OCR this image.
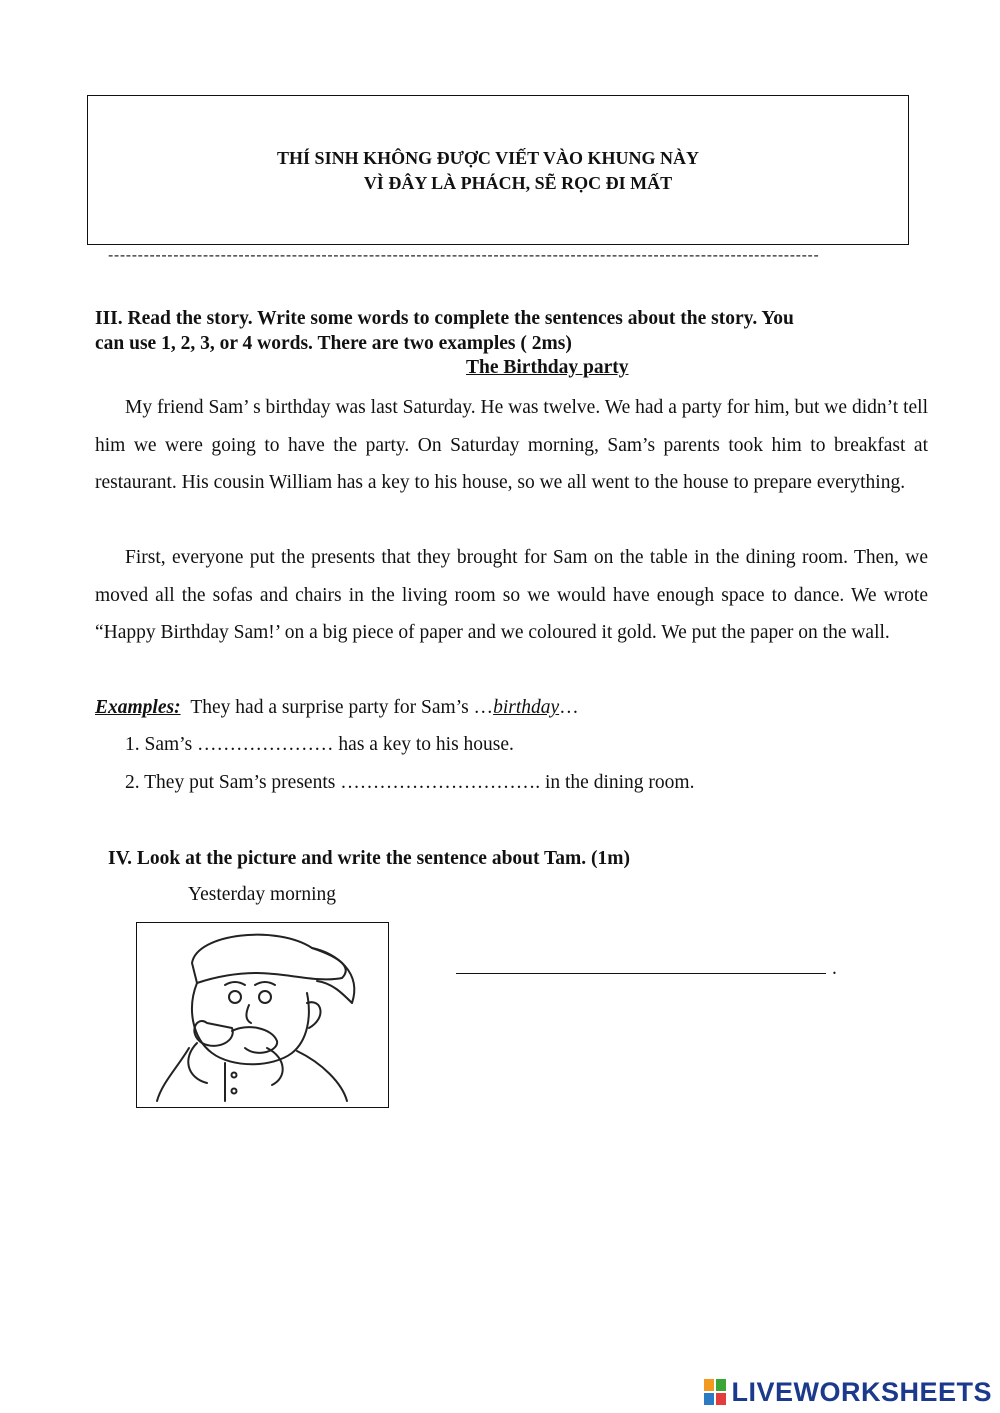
THÍ SINH KHÔNG ĐƯỢC VIẾT VÀO KHUNG NÀY
VÌ ĐÂY LÀ PHÁCH, SẼ RỌC ĐI MẤT
------------------------------------------------------------------------------------------------------------------------
III. Read the story. Write some words to complete the sentences about the story. You
can use 1, 2, 3, or 4 words. There are two examples ( 2ms)
The Birthday party

My friend Sam’ s birthday was last Saturday. He was twelve. We had a party for him, but we didn’t tell him we were going to have the party. On Saturday morning, Sam’s parents took him to breakfast at restaurant. His cousin William has a key to his house, so we all went to the house to prepare everything.

First, everyone put the presents that they brought for Sam on the table in the dining room. Then, we moved all the sofas and chairs in the living room so we would have enough space to dance. We wrote “Happy Birthday Sam!’ on a big piece of paper and we coloured it gold. We put the paper on the wall.

Examples: They had a surprise party for Sam’s …birthday…
1. Sam’s ………………… has a key to his house.
2. They put Sam’s presents …………………………. in the dining room.
IV. Look at the picture and write the sentence about Tam. (1m)
Yesterday morning
.
LIVEWORKSHEETS
